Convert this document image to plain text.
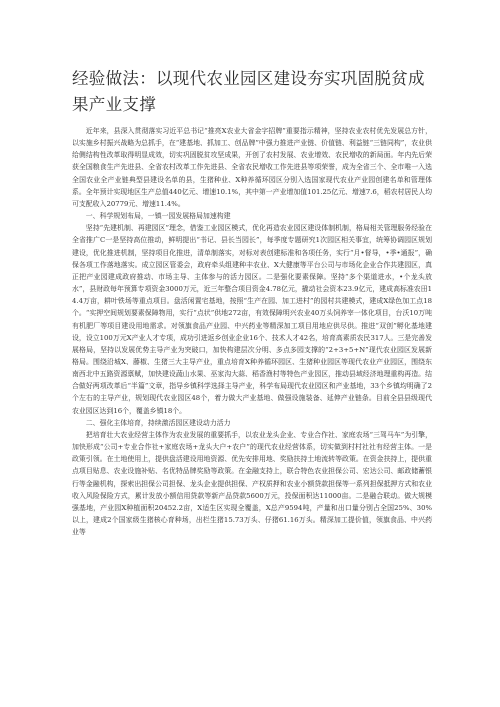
经验做法：以现代农业园区建设夯实巩固脱贫成果产业支撑

近年来，县深入贯彻落实习近平总书记“推亮X农业大省金字招牌”重要指示精神，坚持农业农村优先发展总方针，以实施乡村振兴战略为总抓手，在“建基地、抓加工、创品牌”中强力推进产业链、价值链、利益链“三链同构”，农业供给侧结构性改革取得明显成效，切实巩固脱贫攻坚成果，开创了农村发展、农业增效、农民增收的新局面。年内先后荣获全国粮食生产先进县、全省农村改革工作先进县、全省农民增收工作先进县等项荣誉，成为全省三个、全市唯一入选全国农业全产业链典型县建设名单的县，生猪种业、X种养循环园区分别入选国家现代农业产业园创建名单和管理体系。全年预计实现地区生产总值440亿元、增速10.1%，其中第一产业增加值101.25亿元、增速7.6，稻农村居民人均可支配收入20779元、增速11.4%。

一、科学规划布局，一镇一园发展格局加速构建

坚持“先建机制、再建园区”理念，借鉴工业园区模式，优化再造农业园区建设体制机制，格局相关管理服务经验在全省推广C一是坚持高位推动，鲜明提出“书记、县长当园长”，每季度专题研究1次园区相关事宜，统筹协调园区规划建设，优化推进机制，坚持项目化推进，清单制落实，对标对表创建标准和各项任务，实行“月•督导，•季•通报”，确保各项工作落地落实。成立园区管委会，政府牵头组建种丰农业、X大健康等平台公司与市场化企业合作共建园区，真正把产业园建成政府推动、市场主导、主体参与的活力园区。二是强化要素保障。坚持“多个渠道进水，•个龙头放水”，县财政每年预算专项资金3000万元，近三年整合项目资金4.78亿元，撬动社会资本23.9亿元，建成高标准农田14.4万亩，耕叶铁场等重点项目。盘活闲置宅基地，按照“生产在园、加工进村”的园村共建模式，建成X绿色加工点18个。“实押空间规划要素保障物用，实行“点状”供地272亩，有效保障明兴农业40万头饲养宰一体化项目，台沃10万吨有机肥厂等项目建设用地需求。对领旗食品产业园、中兴药业等精深加工项目用地应供尽供。推进“双创”孵化基地建设，设立100万元X产业人才专项，成功引进返乡创业企业16个、技术人才42名，培育高素质农民317人。三是完善发展格局，坚持以发展优势主导产业为突破口，加快构建层次分明、多点多园支撑的“2+3+5+N”现代农业园区发展新格局。围绕沿城X、藤椒、生猪三大主导产业，重点培育X种养循环园区、生猪种业园区等现代农业产业园区，围绕东南西北中五路资源禀赋，加快建设蔬山水果、巫家沟大蒜、稻香渔村等特色产业园区，推动县域经济地理重构再造。结合做好两项改革后“半篇”文章，指导乡镇科学选择主导产业，科学布局现代农业园区和产业基地，33个乡镇均明确了2个左右的主导产业，规划现代农业园区48个，着力做大产业基地、做强设施装备、延伸产业链条。目前全县县级现代农业园区达到16个，覆盖乡镇18个。

二、强化主体培育，持续激活园区建设动力活力

把培育壮大农业经营主体作为农业发展的重要抓手，以农业龙头企业、专业合作社、家庭农场“三驾马车”为引擎，加快形成“公司+专业合作社+家庭农场+龙头大户+农户”的现代农业经营体系，切实做到村村社社有经营主体。一是政策引领。在土地使用上，提供盘活建设用地资源、优先安排用地、奖励扶持土地流转等政策。在资金扶持上，提供重点项目贴息、农业设施补贴、名优特品牌奖励等政策。在金融支持上，联合特色农业担保公司、宏达公司、邮政储蓄银行等金融机构，探索出担保公司担保、龙头企业提供担保、产权质押和农业小额贷款担保等一系列担保抵押方式和农业收入风险保险方式，累计发放小额信用贷款等新产品贷款5600万元，投保面积达11000亩。二是融合联动。做大规模强基地，产业园X种植面积20452.2亩，X适生区实现全覆盖，X总产9594吨，产量和出口量分别占全国25%、30%以上，建成2个国家级生猪核心育种场，出栏生猪15.73万头、仔猪61.16万头。精深加工提价值，领旗食品、中兴药业等
